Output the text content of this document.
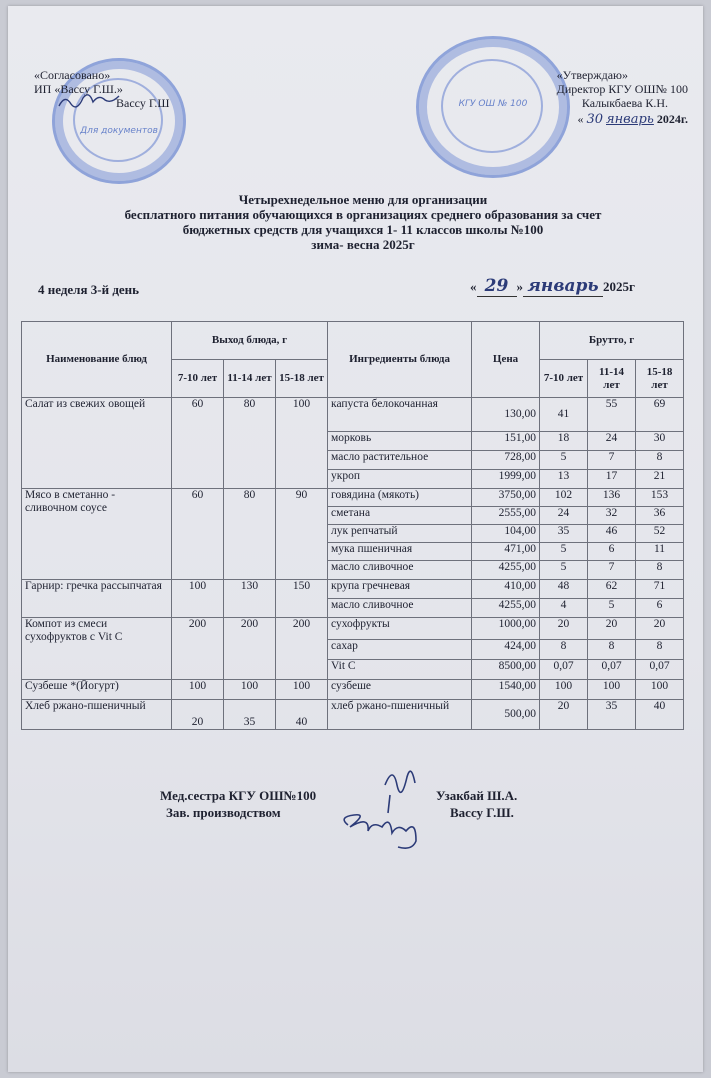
Для документов
КГУ ОШ № 100
«Согласовано»
ИП «Вассу Г.Ш.»
Вассу Г.Ш
«Утверждаю»
Директор КГУ ОШ№ 100
Калыкбаева К.Н.
« 30 январь 2024г.
Четырехнедельное меню для организации
бесплатного питания обучающихся в организациях среднего образования за счет
бюджетных средств для учащихся 1- 11 классов школы №100
зима- весна 2025г
4 неделя 3-й день	« 29 » январь 2025г
Наименование блюд	Выход блюда, г			Ингредиенты блюда	Цена	Брутто, г		
	7-10 лет	11-14 лет	15-18 лет			7-10 лет	11-14 лет	15-18 лет
Салат из свежих овощей	60	80	100	капуста белокочанная	130,00	41	55	69
				морковь	151,00	18	24	30
				масло растительное	728,00	5	7	8
				укроп	1999,00	13	17	21
Мясо в сметанно - сливочном соусе	60	80	90	говядина (мякоть)	3750,00	102	136	153
				сметана	2555,00	24	32	36
				лук репчатый	104,00	35	46	52
				мука пшеничная	471,00	5	6	11
				масло сливочное	4255,00	5	7	8
Гарнир: гречка рассыпчатая	100	130	150	крупа гречневая	410,00	48	62	71
				масло сливочное	4255,00	4	5	6
Компот из смеси сухофруктов с Vit C	200	200	200	сухофрукты	1000,00	20	20	20
				сахар	424,00	8	8	8
				Vit C	8500,00	0,07	0,07	0,07
Сузбеше *(Йогурт)	100	100	100	сузбеше	1540,00	100	100	100
Хлеб ржано-пшеничный	20	35	40	хлеб ржано-пшеничный	500,00	20	35	40
Мед.сестра КГУ ОШ№100	Узакбай Ш.А.
Зав. производством	Вассу Г.Ш.
